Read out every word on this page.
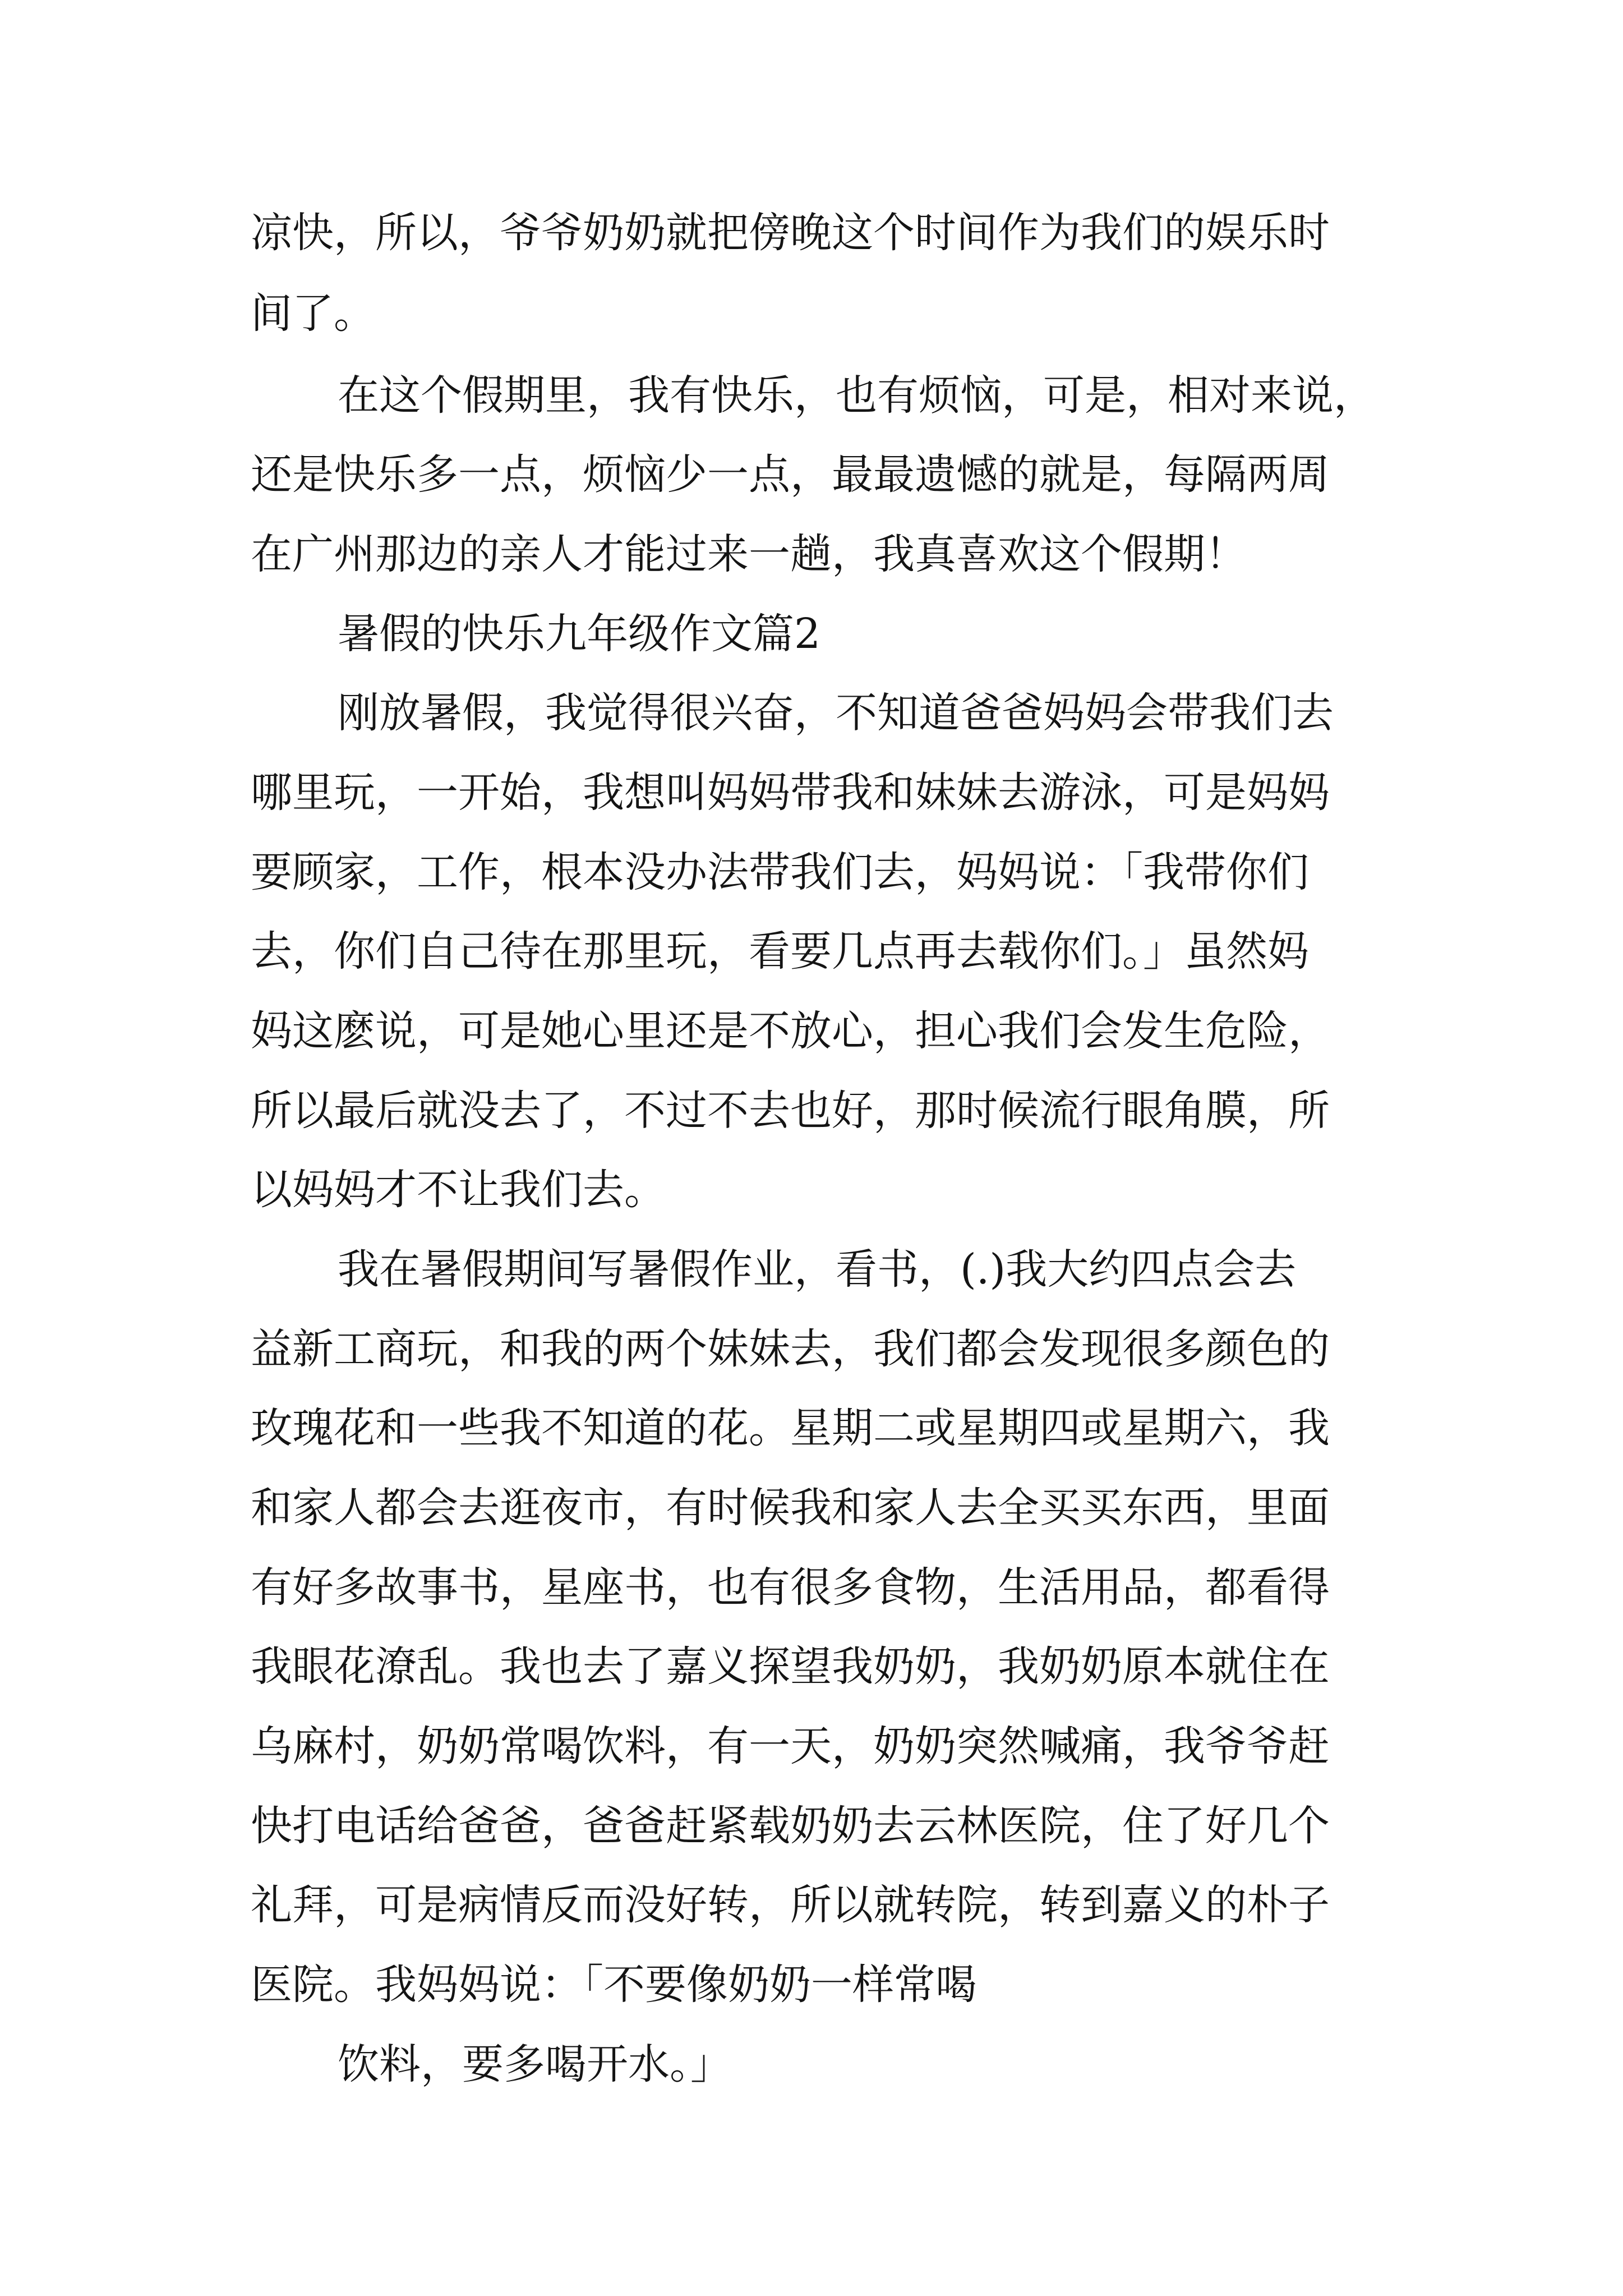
凉快，所以，爷爷奶奶就把傍晚这个时间作为我们的娱乐时

间了。

在这个假期里，我有快乐，也有烦恼，可是，相对来说，

还是快乐多一点，烦恼少一点，最最遗憾的就是，每隔两周

在广州那边的亲人才能过来一趟，我真喜欢这个假期！

暑假的快乐九年级作文篇2

刚放暑假，我觉得很兴奋，不知道爸爸妈妈会带我们去

哪里玩，一开始，我想叫妈妈带我和妹妹去游泳，可是妈妈

要顾家，工作，根本没办法带我们去，妈妈说：「我带你们

去，你们自己待在那里玩，看要几点再去载你们。」虽然妈

妈这麽说，可是她心里还是不放心，担心我们会发生危险，

所以最后就没去了，不过不去也好，那时候流行眼角膜，所

以妈妈才不让我们去。

我在暑假期间写暑假作业，看书，(.)我大约四点会去

益新工商玩，和我的两个妹妹去，我们都会发现很多颜色的

玫瑰花和一些我不知道的花。星期二或星期四或星期六，我

和家人都会去逛夜市，有时候我和家人去全买买东西，里面

有好多故事书，星座书，也有很多食物，生活用品，都看得

我眼花潦乱。我也去了嘉义探望我奶奶，我奶奶原本就住在

乌麻村，奶奶常喝饮料，有一天，奶奶突然喊痛，我爷爷赶

快打电话给爸爸，爸爸赶紧载奶奶去云林医院，住了好几个

礼拜，可是病情反而没好转，所以就转院，转到嘉义的朴子

医院。我妈妈说：「不要像奶奶一样常喝

饮料，要多喝开水。」
